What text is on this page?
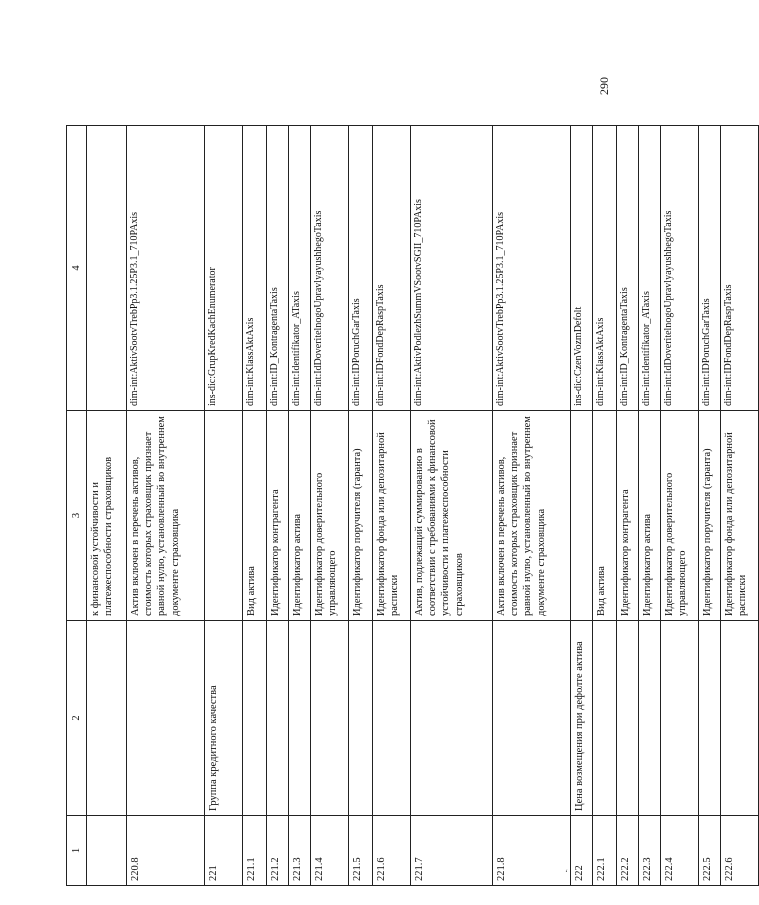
1	2	3	4
		к финансовой устойчивости и платежеспособности страховщиков	
220.8		Актив включен в перечень активов, стоимость которых страховщик признает равной нулю, установленный во внутреннем документе страховщика	dim-int:AktivSootvTrebPp3.1.25P3.1_710PAxis
221	Группа кредитного качества		ins-dic:GrupKredKachEnumerator
221.1		Вид актива	dim-int:KlassAktAxis
221.2		Идентификатор контрагента	dim-int:ID_KontragentaTaxis
221.3		Идентификатор актива	dim-int:Identifikator_ATaxis
221.4		Идентификатор доверительного управляющего	dim-int:IdDoveritelnogoUpravlyayushhegoTaxis
221.5		Идентификатор поручителя (гаранта)	dim-int:IDPoruchGarTaxis
221.6		Идентификатор фонда или депозитарной расписки	dim-int:IDFondDepRaspTaxis
221.7		Актив, подлежащий суммированию в соответствии с требованиями к финансовой устойчивости и платежеспособности страховщиков	dim-int:AktivPodlezhSummVSootvSGII_710PAxis
221.8		Актив включен в перечень активов, стоимость которых страховщик признает равной нулю, установленный во внутреннем документе страховщика	dim-int:AktivSootvTrebPp3.1.25P3.1_710PAxis
222	Цена возмещения при дефолте актива		ins-dic:CzenVozmDefolt
222.1		Вид актива	dim-int:KlassAktAxis
222.2		Идентификатор контрагента	dim-int:ID_KontragentaTaxis
222.3		Идентификатор актива	dim-int:Identifikator_ATaxis
222.4		Идентификатор доверительного управляющего	dim-int:IdDoveritelnogoUpravlyayushhegoTaxis
222.5		Идентификатор поручителя (гаранта)	dim-int:IDPoruchGarTaxis
222.6		Идентификатор фонда или депозитарной расписки	dim-int:IDFondDepRaspTaxis
290
ʻ
